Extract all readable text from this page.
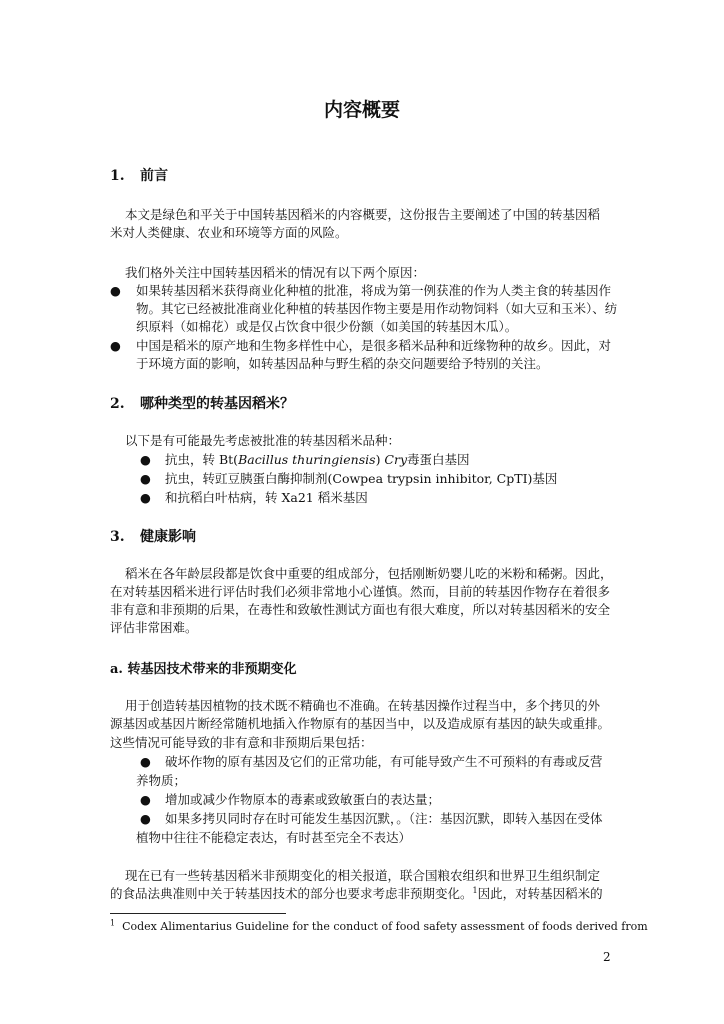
内容概要
1. 前言
本文是绿色和平关于中国转基因稻米的内容概要，这份报告主要阐述了中国的转基因稻
米对人类健康、农业和环境等方面的风险。
我们格外关注中国转基因稻米的情况有以下两个原因：
● 如果转基因稻米获得商业化种植的批准，将成为第一例获准的作为人类主食的转基因作
物。其它已经被批准商业化种植的转基因作物主要是用作动物饲料（如大豆和玉米）、纺
织原料（如棉花）或是仅占饮食中很少份额（如美国的转基因木瓜）。
● 中国是稻米的原产地和生物多样性中心，是很多稻米品种和近缘物种的故乡。因此，对
于环境方面的影响，如转基因品种与野生稻的杂交问题要给予特别的关注。
2. 哪种类型的转基因稻米？
以下是有可能最先考虑被批准的转基因稻米品种：
● 抗虫，转 Bt(Bacillus thuringiensis) Cry毒蛋白基因
● 抗虫，转豇豆胰蛋白酶抑制剂(Cowpea trypsin inhibitor, CpTI)基因
● 和抗稻白叶枯病，转 Xa21 稻米基因
3. 健康影响
稻米在各年龄层段都是饮食中重要的组成部分，包括刚断奶婴儿吃的米粉和稀粥。因此，
在对转基因稻米进行评估时我们必须非常地小心谨慎。然而，目前的转基因作物存在着很多
非有意和非预期的后果，在毒性和致敏性测试方面也有很大难度，所以对转基因稻米的安全
评估非常困难。
a. 转基因技术带来的非预期变化
用于创造转基因植物的技术既不精确也不准确。在转基因操作过程当中，多个拷贝的外
源基因或基因片断经常随机地插入作物原有的基因当中，以及造成原有基因的缺失或重排。
这些情况可能导致的非有意和非预期后果包括：
● 破坏作物的原有基因及它们的正常功能，有可能导致产生不可预料的有毒或反营
养物质；
● 增加或减少作物原本的毒素或致敏蛋白的表达量；
● 如果多拷贝同时存在时可能发生基因沉默，。（注：基因沉默，即转入基因在受体
植物中往往不能稳定表达，有时甚至完全不表达）
现在已有一些转基因稻米非预期变化的相关报道，联合国粮农组织和世界卫生组织制定
的食品法典准则中关于转基因技术的部分也要求考虑非预期变化。$^1$因此，对转基因稻米的
$^1$ Codex Alimentarius Guideline for the conduct of food safety assessment of foods derived from
2
